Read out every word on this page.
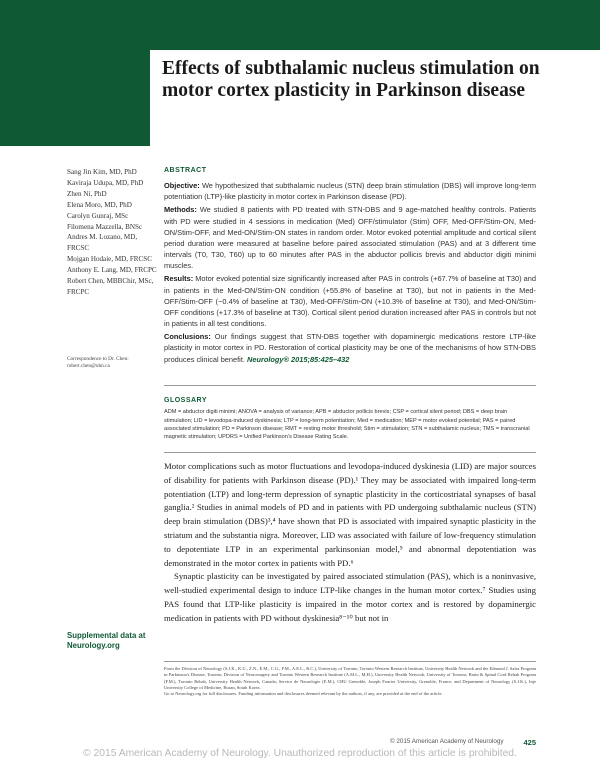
Effects of subthalamic nucleus stimulation on motor cortex plasticity in Parkinson disease
Sang Jin Kim, MD, PhD
Kaviraja Udupa, MD, PhD
Zhen Ni, PhD
Elena Moro, MD, PhD
Carolyn Gunraj, MSc
Filomena Mazzella, BNSc
Andres M. Lozano, MD, FRCSC
Mojgan Hodaie, MD, FRCSC
Anthony E. Lang, MD, FRCPC
Robert Chen, MBBChir, MSc, FRCPC
Correspondence to Dr. Chen:
robert.chen@uhn.ca
ABSTRACT

Objective: We hypothesized that subthalamic nucleus (STN) deep brain stimulation (DBS) will improve long-term potentiation (LTP)-like plasticity in motor cortex in Parkinson disease (PD).

Methods: We studied 8 patients with PD treated with STN-DBS and 9 age-matched healthy controls. Patients with PD were studied in 4 sessions in medication (Med) OFF/stimulator (Stim) OFF, Med-OFF/Stim-ON, Med-ON/Stim-OFF, and Med-ON/Stim-ON states in random order. Motor evoked potential amplitude and cortical silent period duration were measured at baseline before paired associated stimulation (PAS) and at 3 different time intervals (T0, T30, T60) up to 60 minutes after PAS in the abductor pollicis brevis and abductor digiti minimi muscles.

Results: Motor evoked potential size significantly increased after PAS in controls (+67.7% of baseline at T30) and in patients in the Med-ON/Stim-ON condition (+55.8% of baseline at T30), but not in patients in the Med-OFF/Stim-OFF (−0.4% of baseline at T30), Med-OFF/Stim-ON (+10.3% of baseline at T30), and Med-ON/Stim-OFF conditions (+17.3% of baseline at T30). Cortical silent period duration increased after PAS in controls but not in patients in all test conditions.

Conclusions: Our findings suggest that STN-DBS together with dopaminergic medications restore LTP-like plasticity in motor cortex in PD. Restoration of cortical plasticity may be one of the mechanisms of how STN-DBS produces clinical benefit. Neurology® 2015;85:425–432

GLOSSARY
ADM = abductor digiti minimi; ANOVA = analysis of variance; APB = abductor pollicis brevis; CSP = cortical silent period; DBS = deep brain stimulation; LID = levodopa-induced dyskinesia; LTP = long-term potentiation; Med = medication; MEP = motor evoked potential; PAS = paired associated stimulation; PD = Parkinson disease; RMT = resting motor threshold; Stim = stimulation; STN = subthalamic nucleus; TMS = transcranial magnetic stimulation; UPDRS = Unified Parkinson's Disease Rating Scale.

Motor complications such as motor fluctuations and levodopa-induced dyskinesia (LID) are major sources of disability for patients with Parkinson disease (PD).¹ They may be associated with impaired long-term potentiation (LTP) and long-term depression of synaptic plasticity in the corticostriatal synapses of basal ganglia.² Studies in animal models of PD and in patients with PD undergoing subthalamic nucleus (STN) deep brain stimulation (DBS)³,⁴ have shown that PD is associated with impaired synaptic plasticity in the striatum and the substantia nigra. Moreover, LID was associated with failure of low-frequency stimulation to depotentiate LTP in an experimental parkinsonian model,⁵ and abnormal depotentiation was demonstrated in the motor cortex in patients with PD.⁶

Synaptic plasticity can be investigated by paired associated stimulation (PAS), which is a noninvasive, well-studied experimental design to induce LTP-like changes in the human motor cortex.⁷ Studies using PAS found that LTP-like plasticity is impaired in the motor cortex and is restored by dopaminergic medication in patients with PD without dyskinesia⁸⁻¹⁰ but not in

Supplemental data at Neurology.org

From the Division of Neurology (S.J.K., K.U., Z.N., E.M., C.G., F.M., A.E.L., R.C.), University of Toronto, Toronto Western Research Institute, University Health Network and the Edmond J. Safra Program in Parkinson's Disease, Toronto; Division of Neurosurgery and Toronto Western Research Institute (A.M.L., M.H.), University Health Network, University of Toronto; Brain & Spinal Cord Rehab Program (F.M.), Toronto Rehab, University Health Network, Canada; Service de Neurologie (E.M.), CHU Grenoble, Joseph Fourier University, Grenoble, France; and Department of Neurology (S.J.K.), Inje University College of Medicine, Busan, South Korea.

Go to Neurology.org for full disclosures. Funding information and disclosures deemed relevant by the authors, if any, are provided at the end of the article.

© 2015 American Academy of Neurology	425
© 2015 American Academy of Neurology. Unauthorized reproduction of this article is prohibited.
